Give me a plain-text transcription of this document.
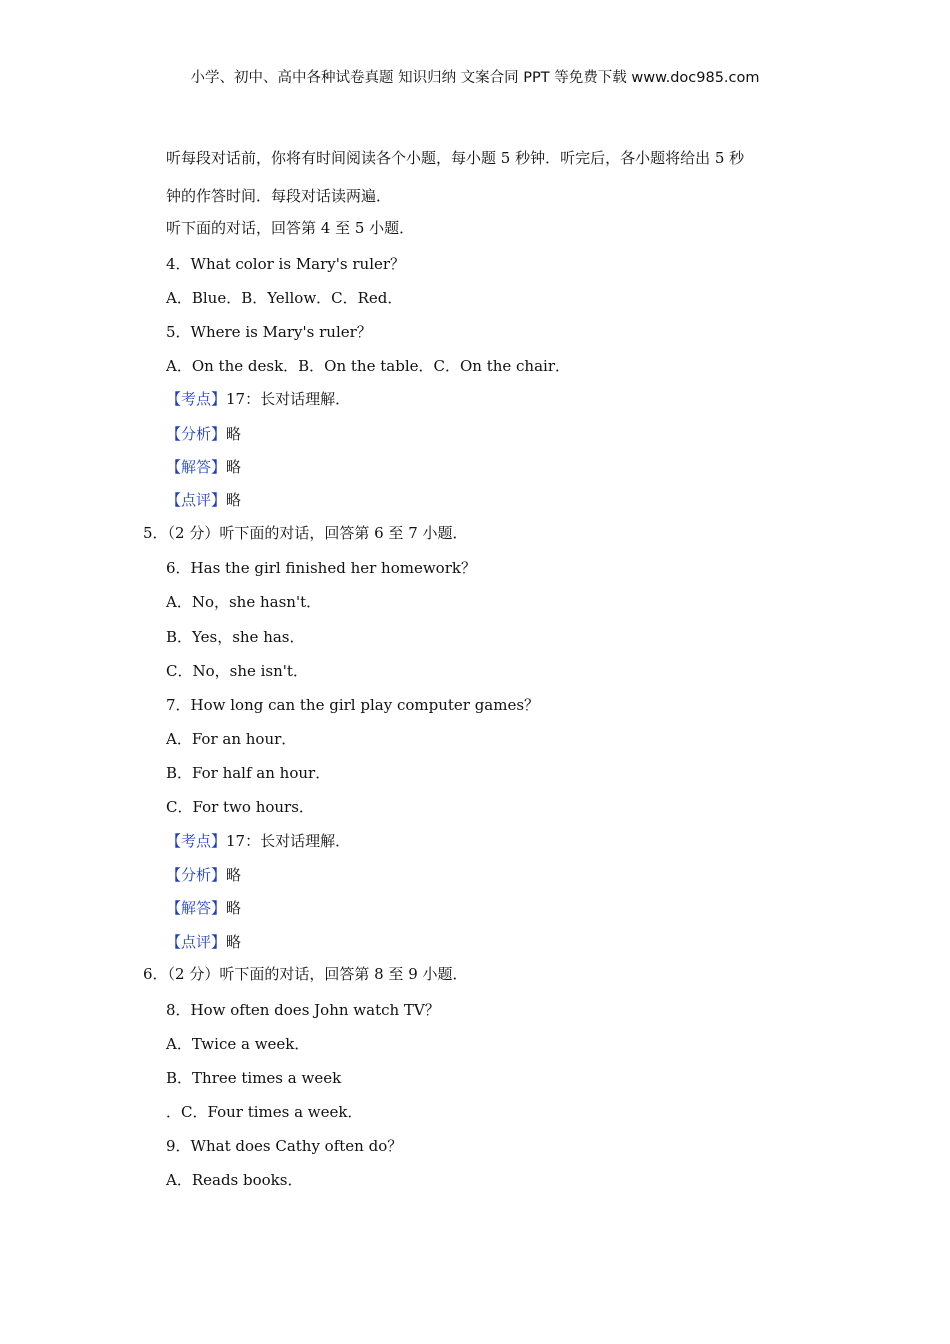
小学、初中、高中各种试卷真题 知识归纳 文案合同 PPT 等免费下载 www.doc985.com
听每段对话前，你将有时间阅读各个小题，每小题 5 秒钟．听完后，各小题将给出 5 秒
钟的作答时间．每段对话读两遍．
听下面的对话，回答第 4 至 5 小题．
4．What color is Mary's ruler？
A．Blue．B．Yellow．C．Red．
5．Where is Mary's ruler？
A．On the desk．B．On the table．C．On the chair．
【考点】17：长对话理解．
【分析】略
【解答】略
【点评】略
5．（2 分）听下面的对话，回答第 6 至 7 小题．
6．Has the girl finished her homework？
A．No，she hasn't．
B．Yes，she has．
C．No，she isn't．
7．How long can the girl play computer games？
A．For an hour．
B．For half an hour．
C．For two hours．
【考点】17：长对话理解．
【分析】略
【解答】略
【点评】略
6．（2 分）听下面的对话，回答第 8 至 9 小题．
8．How often does John watch TV？
A．Twice a week．
B．Three times a week
．C．Four times a week．
9．What does Cathy often do？
A．Reads books．
